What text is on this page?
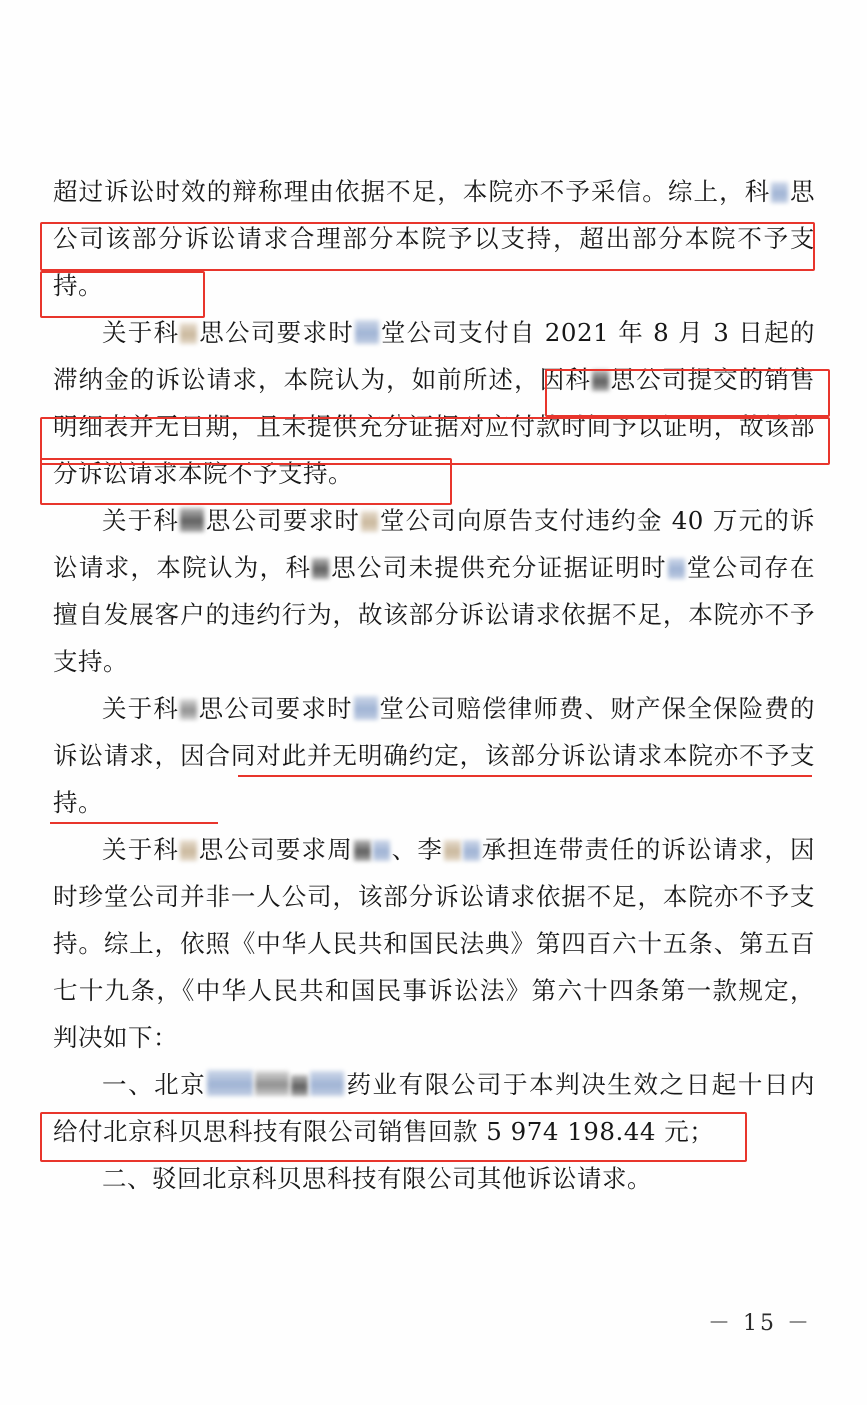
超过诉讼时效的辩称理由依据不足，本院亦不予采信。综上，科 思公司该部分诉讼请求合理部分本院予以支持，超出部分本院不予支持。

关于科 思公司要求时 堂公司支付自 2021 年 8 月 3 日起的滞纳金的诉讼请求，本院认为，如前所述，因科 思公司提交的销售明细表并无日期，且未提供充分证据对应付款时间予以证明，故该部分诉讼请求本院不予支持。

关于科 思公司要求时 堂公司向原告支付违约金 40 万元的诉讼请求，本院认为，科 思公司未提供充分证据证明时 堂公司存在擅自发展客户的违约行为，故该部分诉讼请求依据不足，本院亦不予支持。

关于科 思公司要求时 堂公司赔偿律师费、财产保全保险费的诉讼请求，因合同对此并无明确约定，该部分诉讼请求本院亦不予支持。

关于科 思公司要求周 、李 承担连带责任的诉讼请求，因时珍堂公司并非一人公司，该部分诉讼请求依据不足，本院亦不予支持。综上，依照《中华人民共和国民法典》第四百六十五条、第五百七十九条，《中华人民共和国民事诉讼法》第六十四条第一款规定，判决如下：

一、北京	药业有限公司于本判决生效之日起十日内给付北京科贝思科技有限公司销售回款 5 974 198.44 元；

二、驳回北京科贝思科技有限公司其他诉讼请求。

－ 15 －
